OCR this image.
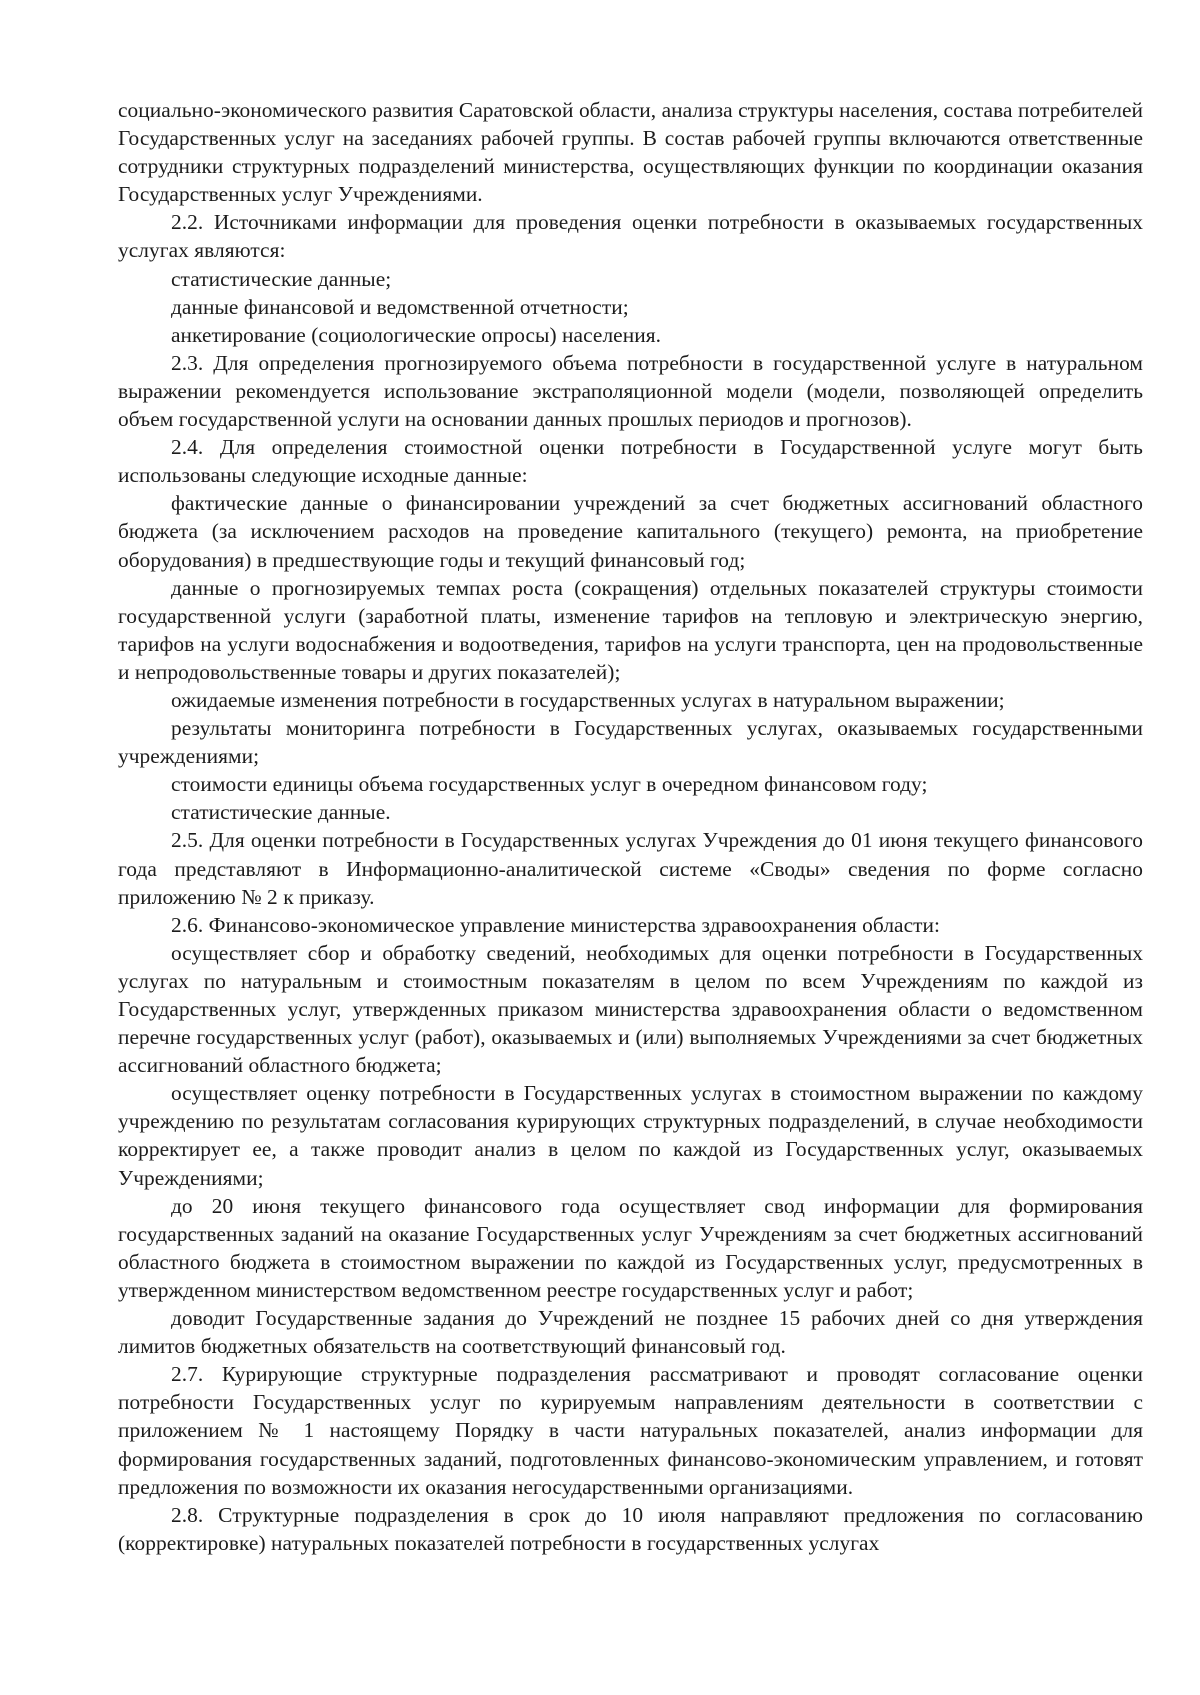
социально-экономического развития Саратовской области, анализа структуры населения, состава потребителей Государственных услуг на заседаниях рабочей группы. В состав рабочей группы включаются ответственные сотрудники структурных подразделений министерства, осуществляющих функции по координации оказания Государственных услуг Учреждениями.

2.2. Источниками информации для проведения оценки потребности в оказываемых государственных услугах являются:

статистические данные;

данные финансовой и ведомственной отчетности;

анкетирование (социологические опросы) населения.

2.3. Для определения прогнозируемого объема потребности в государственной услуге в натуральном выражении рекомендуется использование экстраполяционной модели (модели, позволяющей определить объем государственной услуги на основании данных прошлых периодов и прогнозов).

2.4. Для определения стоимостной оценки потребности в Государственной услуге могут быть использованы следующие исходные данные:

фактические данные о финансировании учреждений за счет бюджетных ассигнований областного бюджета (за исключением расходов на проведение капитального (текущего) ремонта, на приобретение оборудования) в предшествующие годы и текущий финансовый год;

данные о прогнозируемых темпах роста (сокращения) отдельных показателей структуры стоимости государственной услуги (заработной платы, изменение тарифов на тепловую и электрическую энергию, тарифов на услуги водоснабжения и водоотведения, тарифов на услуги транспорта, цен на продовольственные и непродовольственные товары и других показателей);

ожидаемые изменения потребности в государственных услугах в натуральном выражении;

результаты мониторинга потребности в Государственных услугах, оказываемых государственными учреждениями;

стоимости единицы объема государственных услуг в очередном финансовом году;

статистические данные.

2.5. Для оценки потребности в Государственных услугах Учреждения до 01 июня текущего финансового года представляют в Информационно-аналитической системе «Своды» сведения по форме согласно приложению № 2 к приказу.

2.6. Финансово-экономическое управление министерства здравоохранения области:

осуществляет сбор и обработку сведений, необходимых для оценки потребности в Государственных услугах по натуральным и стоимостным показателям в целом по всем Учреждениям по каждой из Государственных услуг, утвержденных приказом министерства здравоохранения области о ведомственном перечне государственных услуг (работ), оказываемых и (или) выполняемых Учреждениями за счет бюджетных ассигнований областного бюджета;

осуществляет оценку потребности в Государственных услугах в стоимостном выражении по каждому учреждению по результатам согласования курирующих структурных подразделений, в случае необходимости корректирует ее, а также проводит анализ в целом по каждой из Государственных услуг, оказываемых Учреждениями;

до 20 июня текущего финансового года осуществляет свод информации для формирования государственных заданий на оказание Государственных услуг Учреждениям за счет бюджетных ассигнований областного бюджета в стоимостном выражении по каждой из Государственных услуг, предусмотренных в утвержденном министерством ведомственном реестре государственных услуг и работ;

доводит Государственные задания до Учреждений не позднее 15 рабочих дней со дня утверждения лимитов бюджетных обязательств на соответствующий финансовый год.

2.7. Курирующие структурные подразделения рассматривают и проводят согласование оценки потребности Государственных услуг по курируемым направлениям деятельности в соответствии с приложением № 1 настоящему Порядку в части натуральных показателей, анализ информации для формирования государственных заданий, подготовленных финансово-экономическим управлением, и готовят предложения по возможности их оказания негосударственными организациями.

2.8. Структурные подразделения в срок до 10 июля направляют предложения по согласованию (корректировке) натуральных показателей потребности в государственных услугах
